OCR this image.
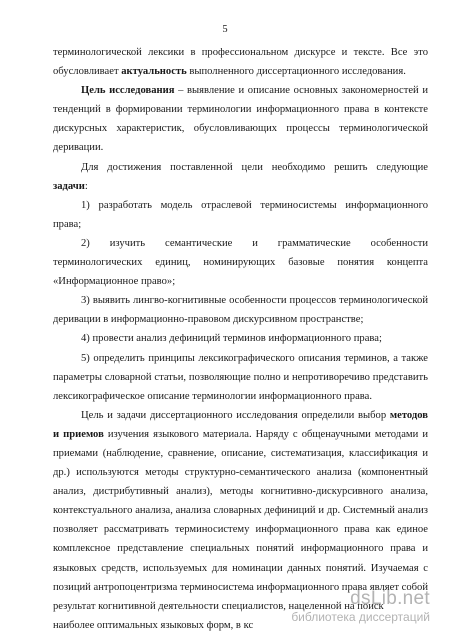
5

терминологической лексики в профессиональном дискурсе и тексте. Все это обусловливает актуальность выполненного диссертационного исследования.

Цель исследования – выявление и описание основных закономерностей и тенденций в формировании терминологии информационного права в контексте дискурсных характеристик, обусловливающих процессы терминологической деривации.

Для достижения поставленной цели необходимо решить следующие задачи:

1) разработать модель отраслевой терминосистемы информационного права;

2) изучить семантические и грамматические особенности терминологических единиц, номинирующих базовые понятия концепта «Информационное право»;

3) выявить лингво-когнитивные особенности процессов терминологической деривации в информационно-правовом дискурсивном пространстве;

4) провести анализ дефиниций терминов информационного права;

5) определить принципы лексикографического описания терминов, а также параметры словарной статьи, позволяющие полно и непротиворечиво представить лексикографическое описание терминологии информационного права.

Цель и задачи диссертационного исследования определили выбор методов и приемов изучения языкового материала. Наряду с общенаучными методами и приемами (наблюдение, сравнение, описание, систематизация, классификация и др.) используются методы структурно-семантического анализа (компонентный анализ, дистрибутивный анализ), методы когнитивно-дискурсивного анализа, контекстуального анализа, анализа словарных дефиниций и др. Системный анализ позволяет рассматривать терминосистему информационного права как единое комплексное представление специальных понятий информационного права и языковых средств, используемых для номинации данных понятий. Изучаемая с позиций антропоцентризма терминосистема информационного права являет собой результат когнитивной деятельности специалистов, нацеленной на поиск

наиболее оптимальных языковых форм, в кс

dsLib.net
библиотека диссертаций
